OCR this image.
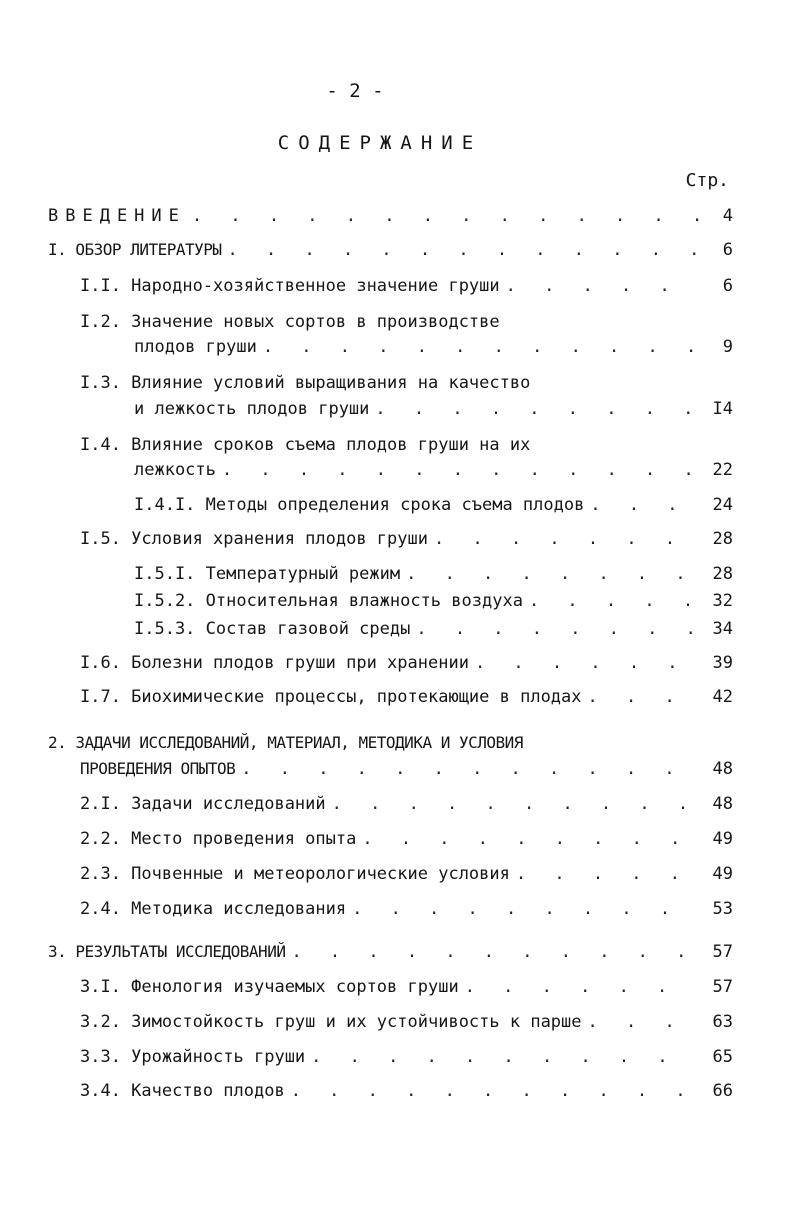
- 2 -
СОДЕРЖАНИЕ
Стр.
ВВЕДЕНИЕ . . .	4
I. ОБЗОР ЛИТЕРАТУРЫ . . .	6
I.I. Народно-хозяйственное значение груши . . .	6
I.2. Значение новых сортов в производстве
плодов груши . . .	9
I.3. Влияние условий выращивания на качество
и лежкость плодов груши . . .	I4
I.4. Влияние сроков съема плодов груши на их
лежкость . . .	22
I.4.I. Методы определения срока съема плодов . . .	24
I.5. Условия хранения плодов груши . . .	28
I.5.I. Температурный режим . . .	28
I.5.2. Относительная влажность воздуха . . .	32
I.5.3. Состав газовой среды . . .	34
I.6. Болезни плодов груши при хранении . . .	39
I.7. Биохимические процессы, протекающие в плодах . . .	42
2. ЗАДАЧИ ИССЛЕДОВАНИЙ, МАТЕРИАЛ, МЕТОДИКА И УСЛОВИЯ
ПРОВЕДЕНИЯ ОПЫТОВ . . .	48
2.I. Задачи исследований . . .	48
2.2. Место проведения опыта . . .	49
2.3. Почвенные и метеорологические условия . . .	49
2.4. Методика исследования . . .	53
3. РЕЗУЛЬТАТЫ ИССЛЕДОВАНИЙ . . .	57
3.I. Фенология изучаемых сортов груши . . .	57
3.2. Зимостойкость груш и их устойчивость к парше . . .	63
3.3. Урожайность груши . . .	65
3.4. Качество плодов . . .	66
